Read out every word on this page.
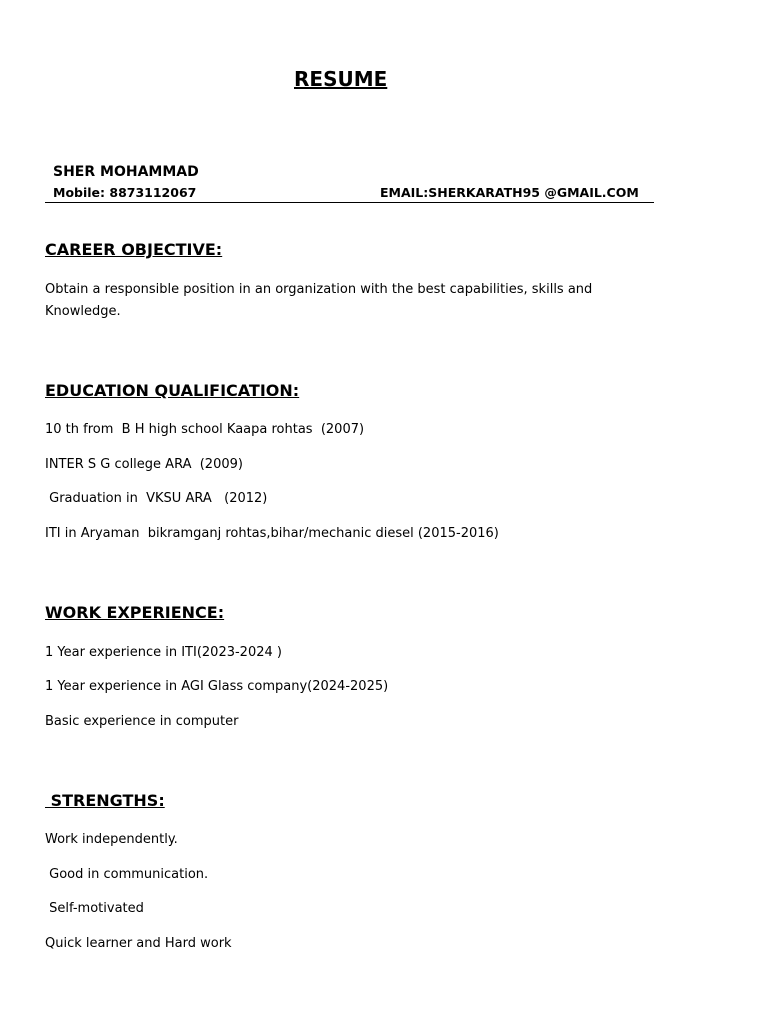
RESUME
SHER MOHAMMAD

Mobile: 8873112067

	EMAIL:SHERKARATH95 @GMAIL.COM

CAREER OBJECTIVE:
Obtain a responsible position in an organization with the best capabilities, skills and
Knowledge.
EDUCATION QUALIFICATION:
10 th from  B H high school Kaapa rohtas  (2007)
INTER S G college ARA  (2009)
Graduation in  VKSU ARA   (2012)
ITI in Aryaman  bikramganj rohtas,bihar/mechanic diesel (2015-2016)
WORK EXPERIENCE:
1 Year experience in ITI(2023-2024 )
1 Year experience in AGI Glass company(2024-2025)
Basic experience in computer
STRENGTHS:
Work independently.
Good in communication.
Self-motivated
Quick learner and Hard work
